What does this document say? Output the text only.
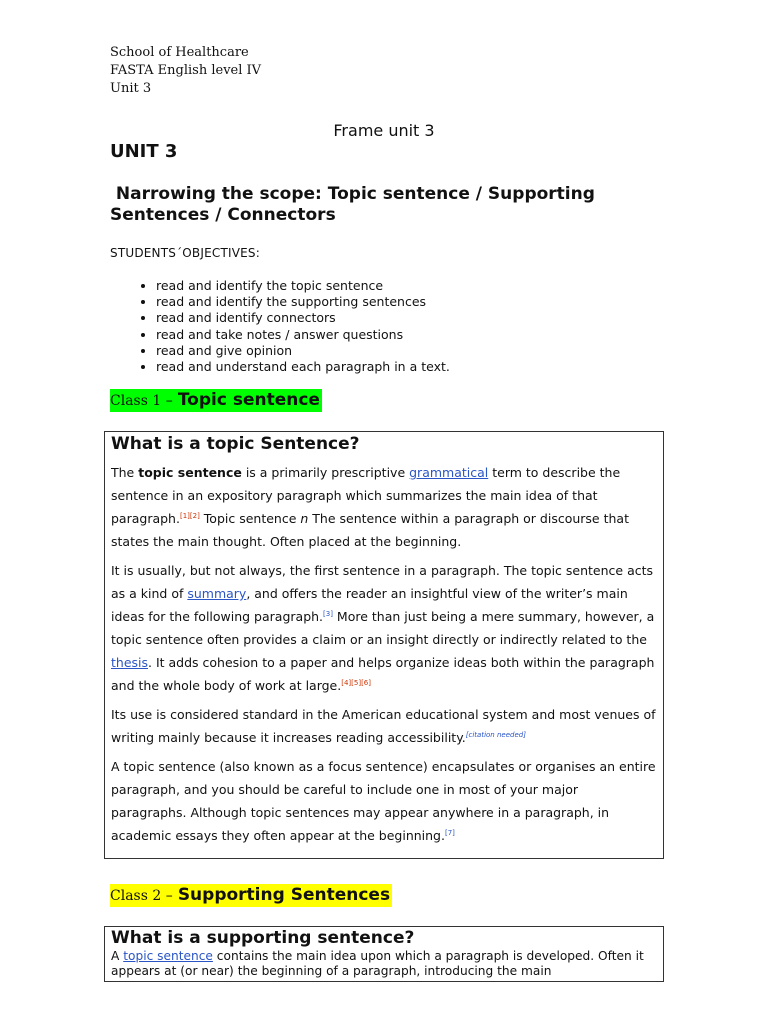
School of Healthcare
FASTA English level IV
Unit 3
Frame unit 3
UNIT 3
Narrowing the scope: Topic sentence / Supporting Sentences / Connectors
STUDENTS´OBJECTIVES:
• read and identify the topic sentence
• read and identify the supporting sentences
• read and identify connectors
• read and take notes / answer questions
• read and give opinion
• read and understand each paragraph in a text.
Class 1 – Topic sentence
What is a topic Sentence?

The topic sentence is a primarily prescriptive grammatical term to describe the sentence in an expository paragraph which summarizes the main idea of that paragraph.[1][2] Topic sentence n The sentence within a paragraph or discourse that states the main thought. Often placed at the beginning.

It is usually, but not always, the first sentence in a paragraph. The topic sentence acts as a kind of summary, and offers the reader an insightful view of the writer’s main ideas for the following paragraph.[3] More than just being a mere summary, however, a topic sentence often provides a claim or an insight directly or indirectly related to the thesis. It adds cohesion to a paper and helps organize ideas both within the paragraph and the whole body of work at large.[4][5][6]

Its use is considered standard in the American educational system and most venues of writing mainly because it increases reading accessibility.[citation needed]

A topic sentence (also known as a focus sentence) encapsulates or organises an entire paragraph, and you should be careful to include one in most of your major paragraphs. Although topic sentences may appear anywhere in a paragraph, in academic essays they often appear at the beginning.[7]

Class 2 – Supporting Sentences
What is a supporting sentence?

A topic sentence contains the main idea upon which a paragraph is developed. Often it appears at (or near) the beginning of a paragraph, introducing the main
